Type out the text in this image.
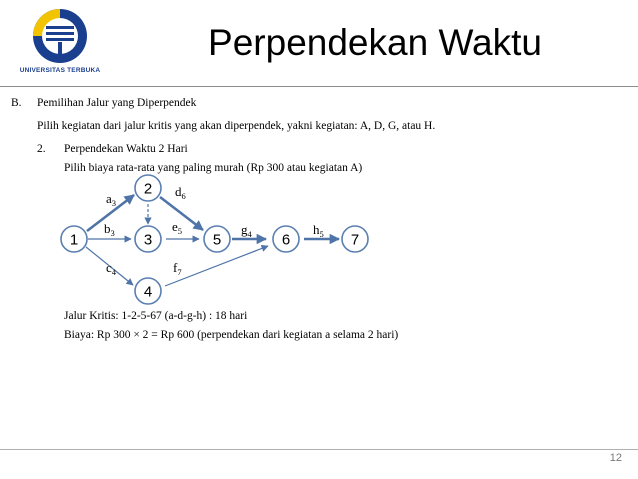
UNIVERSITAS TERBUKA
Perpendekan Waktu
B. Pemilihan Jalur yang Diperpendek
Pilih kegiatan dari jalur kritis yang akan diperpendek, yakni kegiatan: A, D, G, atau H.
2. Perpendekan Waktu 2 Hari
Pilih biaya rata-rata yang paling murah (Rp 300 atau kegiatan A)
$a_3$
$b_3$
$c_4$
$d_6$
$e_5$
$f_7$
$g_4$	$h_5$
1
2
3
4
5	6	7
Jalur Kritis: 1-2-5-67 (a-d-g-h) : 18 hari
Biaya: Rp 300 × 2 = Rp 600 (perpendekan dari kegiatan a selama 2 hari)
12
